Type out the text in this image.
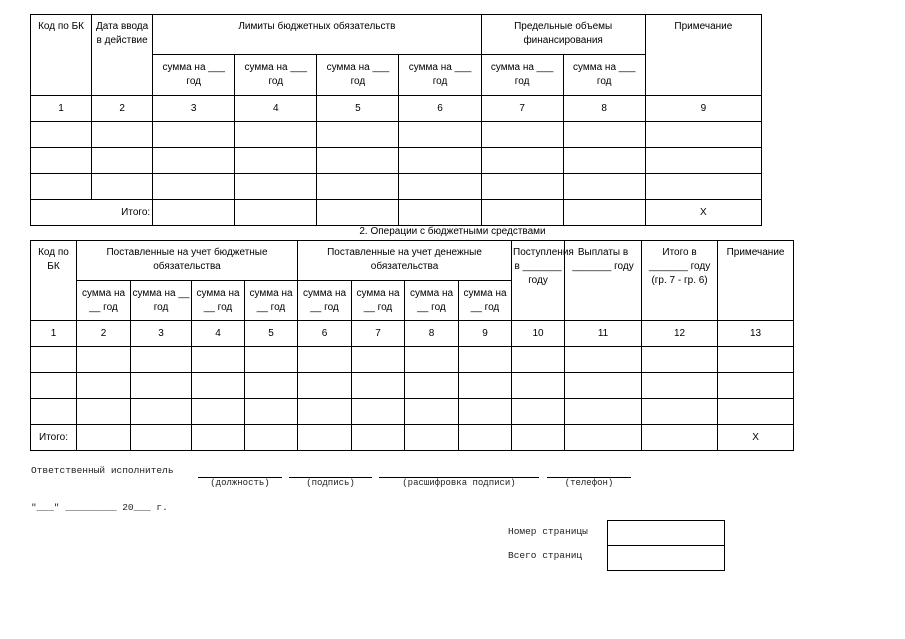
Код по БК	Дата ввода в действие	Лимиты бюджетных обязательств				Предельные объемы финансирования		Примечание
		сумма на ___ год	сумма на ___ год	сумма на ___ год	сумма на ___ год	сумма на ___ год	сумма на ___ год	
1	2	3	4	5	6	7	8	9

Итого:								Х
2. Операции с бюджетными средствами
Код по БК	Поставленные на учет бюджетные обязательства				Поставленные на учет денежные обязательства				Поступления в _______ году	Выплаты в _______ году	Итого в _______ году (гр. 7 - гр. 6)	Примечание
	сумма на __ год	сумма на __ год	сумма на __ год	сумма на __ год	сумма на __ год	сумма на __ год	сумма на __ год	сумма на __ год				
1	2	3	4	5	6	7	8	9	10	11	12	13

Итого:												Х
Ответственный исполнитель
(должность)	(подпись)	(расшифровка подписи)	(телефон)
"___" _________ 20___ г.
Номер страницы
Всего страниц
